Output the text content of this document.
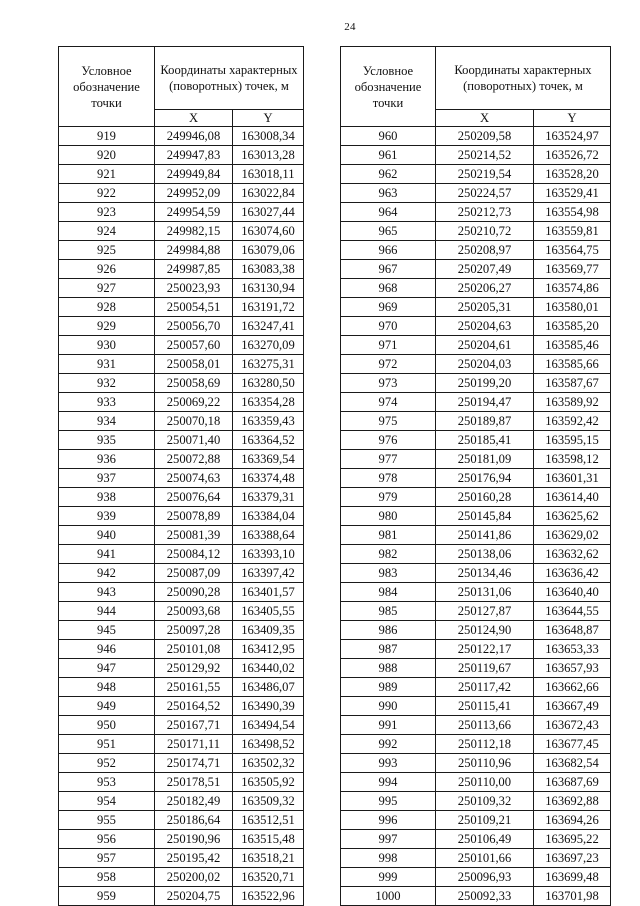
24
Условное обозначение точки	Координаты характерных (поворотных) точек, м	

	X	Y
919	249946,08	163008,34
920	249947,83	163013,28
921	249949,84	163018,11
922	249952,09	163022,84
923	249954,59	163027,44
924	249982,15	163074,60
925	249984,88	163079,06
926	249987,85	163083,38
927	250023,93	163130,94
928	250054,51	163191,72
929	250056,70	163247,41
930	250057,60	163270,09
931	250058,01	163275,31
932	250058,69	163280,50
933	250069,22	163354,28
934	250070,18	163359,43
935	250071,40	163364,52
936	250072,88	163369,54
937	250074,63	163374,48
938	250076,64	163379,31
939	250078,89	163384,04
940	250081,39	163388,64
941	250084,12	163393,10
942	250087,09	163397,42
943	250090,28	163401,57
944	250093,68	163405,55
945	250097,28	163409,35
946	250101,08	163412,95
947	250129,92	163440,02
948	250161,55	163486,07
949	250164,52	163490,39
950	250167,71	163494,54
951	250171,11	163498,52
952	250174,71	163502,32
953	250178,51	163505,92
954	250182,49	163509,32
955	250186,64	163512,51
956	250190,96	163515,48
957	250195,42	163518,21
958	250200,02	163520,71
959	250204,75	163522,96
Условное обозначение точки	Координаты характерных (поворотных) точек, м	

	X	Y
960	250209,58	163524,97
961	250214,52	163526,72
962	250219,54	163528,20
963	250224,57	163529,41
964	250212,73	163554,98
965	250210,72	163559,81
966	250208,97	163564,75
967	250207,49	163569,77
968	250206,27	163574,86
969	250205,31	163580,01
970	250204,63	163585,20
971	250204,61	163585,46
972	250204,03	163585,66
973	250199,20	163587,67
974	250194,47	163589,92
975	250189,87	163592,42
976	250185,41	163595,15
977	250181,09	163598,12
978	250176,94	163601,31
979	250160,28	163614,40
980	250145,84	163625,62
981	250141,86	163629,02
982	250138,06	163632,62
983	250134,46	163636,42
984	250131,06	163640,40
985	250127,87	163644,55
986	250124,90	163648,87
987	250122,17	163653,33
988	250119,67	163657,93
989	250117,42	163662,66
990	250115,41	163667,49
991	250113,66	163672,43
992	250112,18	163677,45
993	250110,96	163682,54
994	250110,00	163687,69
995	250109,32	163692,88
996	250109,21	163694,26
997	250106,49	163695,22
998	250101,66	163697,23
999	250096,93	163699,48
1000	250092,33	163701,98
